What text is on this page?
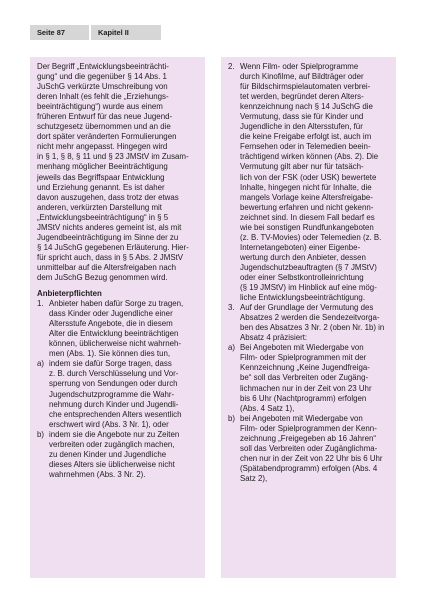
Seite 87	Kapitel II

Der Begriff „Entwicklungsbeeinträchti-
gung“ und die gegenüber § 14 Abs. 1
JuSchG verkürzte Umschreibung von
deren Inhalt (es fehlt die „Erziehungs-
beeinträchtigung“) wurde aus einem
früheren Entwurf für das neue Jugend-
schutzgesetz übernommen und an die
dort später veränderten Formulierungen
nicht mehr angepasst. Hingegen wird
in § 1, § 8, § 11 und § 23 JMStV im Zusam-
menhang möglicher Beeinträchtigung
jeweils das Begriffspaar Entwicklung
und Erziehung genannt. Es ist daher
davon auszugehen, dass trotz der etwas
anderen, verkürzten Darstellung mit
„Entwicklungsbeeinträchtigung“ in § 5
JMStV nichts anderes gemeint ist, als mit
Jugendbeeinträchtigung im Sinne der zu
§ 14 JuSchG gegebenen Erläuterung. Hier-
für spricht auch, dass in § 5 Abs. 2 JMStV
unmittelbar auf die Altersfreigaben nach
dem JuSchG Bezug genommen wird.

Anbieterpflichten

1. Anbieter haben dafür Sorge zu tragen,
dass Kinder oder Jugendliche einer
Altersstufe Angebote, die in diesem
Alter die Entwicklung beeinträchtigen
können, üblicherweise nicht wahrneh-
men (Abs. 1). Sie können dies tun,

a) indem sie dafür Sorge tragen, dass
z. B. durch Verschlüsselung und Vor-
sperrung von Sendungen oder durch
Jugendschutzprogramme die Wahr-
nehmung durch Kinder und Jugendli-
che entsprechenden Alters wesentlich
erschwert wird (Abs. 3 Nr. 1), oder

b) indem sie die Angebote nur zu Zeiten
verbreiten oder zugänglich machen,
zu denen Kinder und Jugendliche
dieses Alters sie üblicherweise nicht
wahrnehmen (Abs. 3 Nr. 2).

2. Wenn Film- oder Spielprogramme
durch Kinofilme, auf Bildträger oder
für Bildschirmspielautomaten verbrei-
tet werden, begründet deren Alters-
kennzeichnung nach § 14 JuSchG die
Vermutung, dass sie für Kinder und
Jugendliche in den Altersstufen, für
die keine Freigabe erfolgt ist, auch im
Fernsehen oder in Telemedien beein-
trächtigend wirken können (Abs. 2). Die
Vermutung gilt aber nur für tatsäch-
lich von der FSK (oder USK) bewertete
Inhalte, hingegen nicht für Inhalte, die
mangels Vorlage keine Altersfreigabe-
bewertung erfahren und nicht gekenn-
zeichnet sind. In diesem Fall bedarf es
wie bei sonstigen Rundfunkangeboten
(z. B. TV-Movies) oder Telemedien (z. B.
Internetangeboten) einer Eigenbe-
wertung durch den Anbieter, dessen
Jugendschutzbeauftragten (§ 7 JMStV)
oder einer Selbstkontrolleinrichtung
(§ 19 JMStV) im Hinblick auf eine mög-
liche Entwicklungsbeeinträchtigung.

3. Auf der Grundlage der Vermutung des
Absatzes 2 werden die Sendezeitvorga-
ben des Absatzes 3 Nr. 2 (oben Nr. 1b) in
Absatz 4 präzisiert:

a) Bei Angeboten mit Wiedergabe von
Film- oder Spielprogrammen mit der
Kennzeichnung „Keine Jugendfreiga-
be“ soll das Verbreiten oder Zugäng-
lichmachen nur in der Zeit von 23 Uhr
bis 6 Uhr (Nachtprogramm) erfolgen
(Abs. 4 Satz 1),

b) bei Angeboten mit Wiedergabe von
Film- oder Spielprogrammen der Kenn-
zeichnung „Freigegeben ab 16 Jahren“
soll das Verbreiten oder Zugänglichma-
chen nur in der Zeit von 22 Uhr bis 6 Uhr
(Spätabendprogramm) erfolgen (Abs. 4
Satz 2),
